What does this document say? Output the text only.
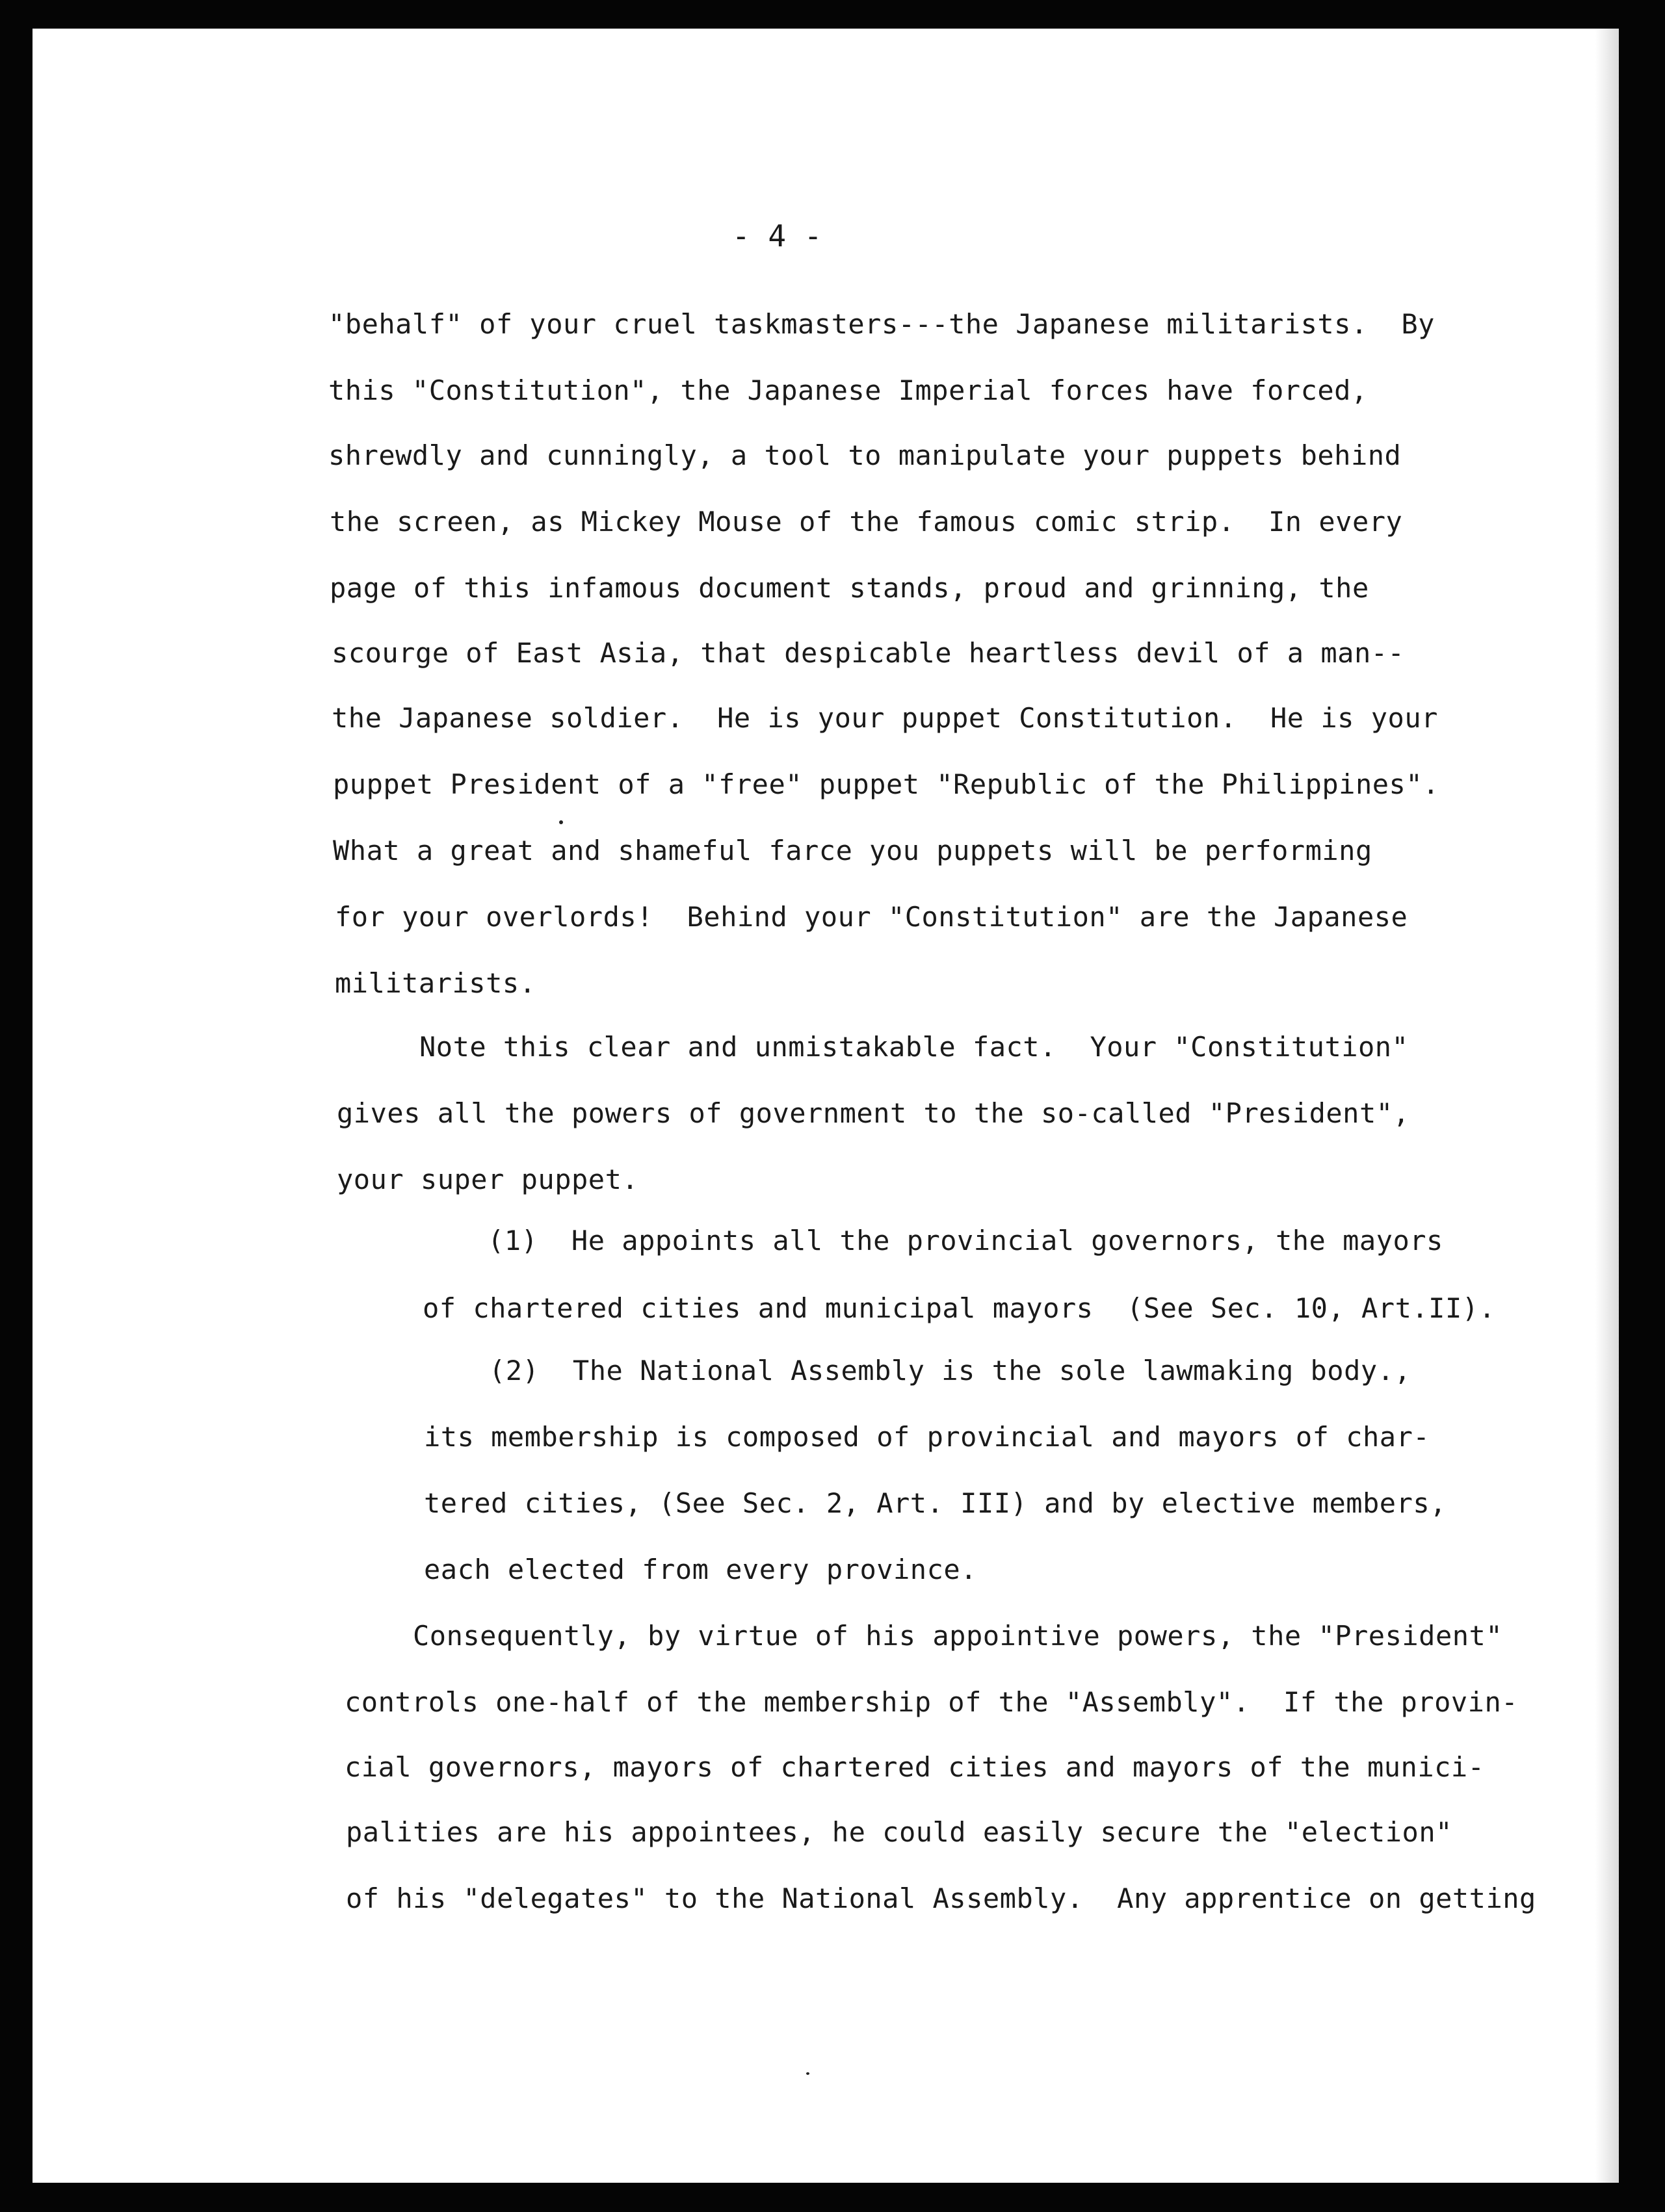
- 4 -
"behalf" of your cruel taskmasters---the Japanese militarists.  By
this "Constitution", the Japanese Imperial forces have forced,
shrewdly and cunningly, a tool to manipulate your puppets behind
the screen, as Mickey Mouse of the famous comic strip.  In every
page of this infamous document stands, proud and grinning, the
scourge of East Asia, that despicable heartless devil of a man--
the Japanese soldier.  He is your puppet Constitution.  He is your
puppet President of a "free" puppet "Republic of the Philippines".
What a great and shameful farce you puppets will be performing
for your overlords!  Behind your "Constitution" are the Japanese
militarists.
Note this clear and unmistakable fact.  Your "Constitution"
gives all the powers of government to the so-called "President",
your super puppet.
(1)  He appoints all the provincial governors, the mayors
of chartered cities and municipal mayors  (See Sec. 10, Art.II).
(2)  The National Assembly is the sole lawmaking body.,
its membership is composed of provincial and mayors of char-
tered cities, (See Sec. 2, Art. III) and by elective members,
each elected from every province.
Consequently, by virtue of his appointive powers, the "President"
controls one-half of the membership of the "Assembly".  If the provin-
cial governors, mayors of chartered cities and mayors of the munici-
palities are his appointees, he could easily secure the "election"
of his "delegates" to the National Assembly.  Any apprentice on getting
